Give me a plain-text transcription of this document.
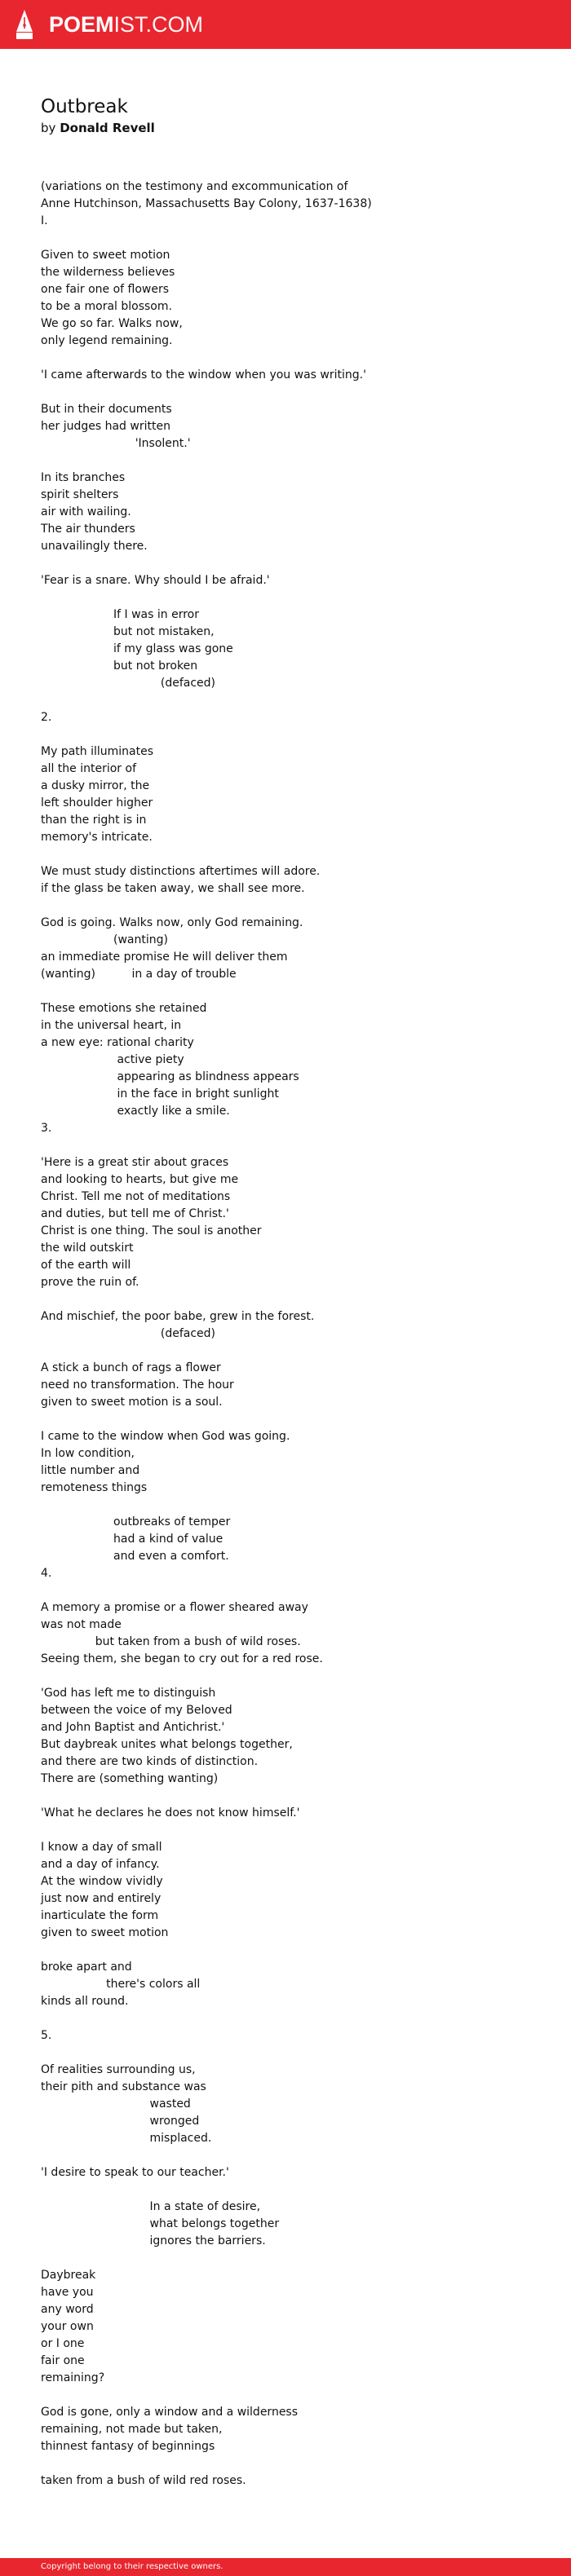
POEMIST.COM
Outbreak
by Donald Revell
(variations on the testimony and excommunication of
Anne Hutchinson, Massachusetts Bay Colony, 1637-1638)
I.
Given to sweet motion
the wilderness believes
one fair one of flowers
to be a moral blossom.
We go so far. Walks now,
only legend remaining.
'I came afterwards to the window when you was writing.'
But in their documents
her judges had written
'Insolent.'
In its branches
spirit shelters
air with wailing.
The air thunders
unavailingly there.
'Fear is a snare. Why should I be afraid.'
If I was in error
but not mistaken,
if my glass was gone
but not broken
(defaced)
2.
My path illuminates
all the interior of
a dusky mirror, the
left shoulder higher
than the right is in
memory's intricate.
We must study distinctions aftertimes will adore.
if the glass be taken away, we shall see more.
God is going. Walks now, only God remaining.
(wanting)
an immediate promise He will deliver them
(wanting)          in a day of trouble
These emotions she retained
in the universal heart, in
a new eye: rational charity
active piety
appearing as blindness appears
in the face in bright sunlight
exactly like a smile.
3.
'Here is a great stir about graces
and looking to hearts, but give me
Christ. Tell me not of meditations
and duties, but tell me of Christ.'
Christ is one thing. The soul is another
the wild outskirt
of the earth will
prove the ruin of.
And mischief, the poor babe, grew in the forest.
(defaced)
A stick a bunch of rags a flower
need no transformation. The hour
given to sweet motion is a soul.
I came to the window when God was going.
In low condition,
little number and
remoteness things
outbreaks of temper
had a kind of value
and even a comfort.
4.
A memory a promise or a flower sheared away
was not made
but taken from a bush of wild roses.
Seeing them, she began to cry out for a red rose.
'God has left me to distinguish
between the voice of my Beloved
and John Baptist and Antichrist.'
But daybreak unites what belongs together,
and there are two kinds of distinction.
There are (something wanting)
'What he declares he does not know himself.'
I know a day of small
and a day of infancy.
At the window vividly
just now and entirely
inarticulate the form
given to sweet motion
broke apart and
there's colors all
kinds all round.
5.
Of realities surrounding us,
their pith and substance was
wasted
wronged
misplaced.
'I desire to speak to our teacher.'
In a state of desire,
what belongs together
ignores the barriers.
Daybreak
have you
any word
your own
or I one
fair one
remaining?
God is gone, only a window and a wilderness
remaining, not made but taken,
thinnest fantasy of beginnings
taken from a bush of wild red roses.
Copyright belong to their respective owners.
